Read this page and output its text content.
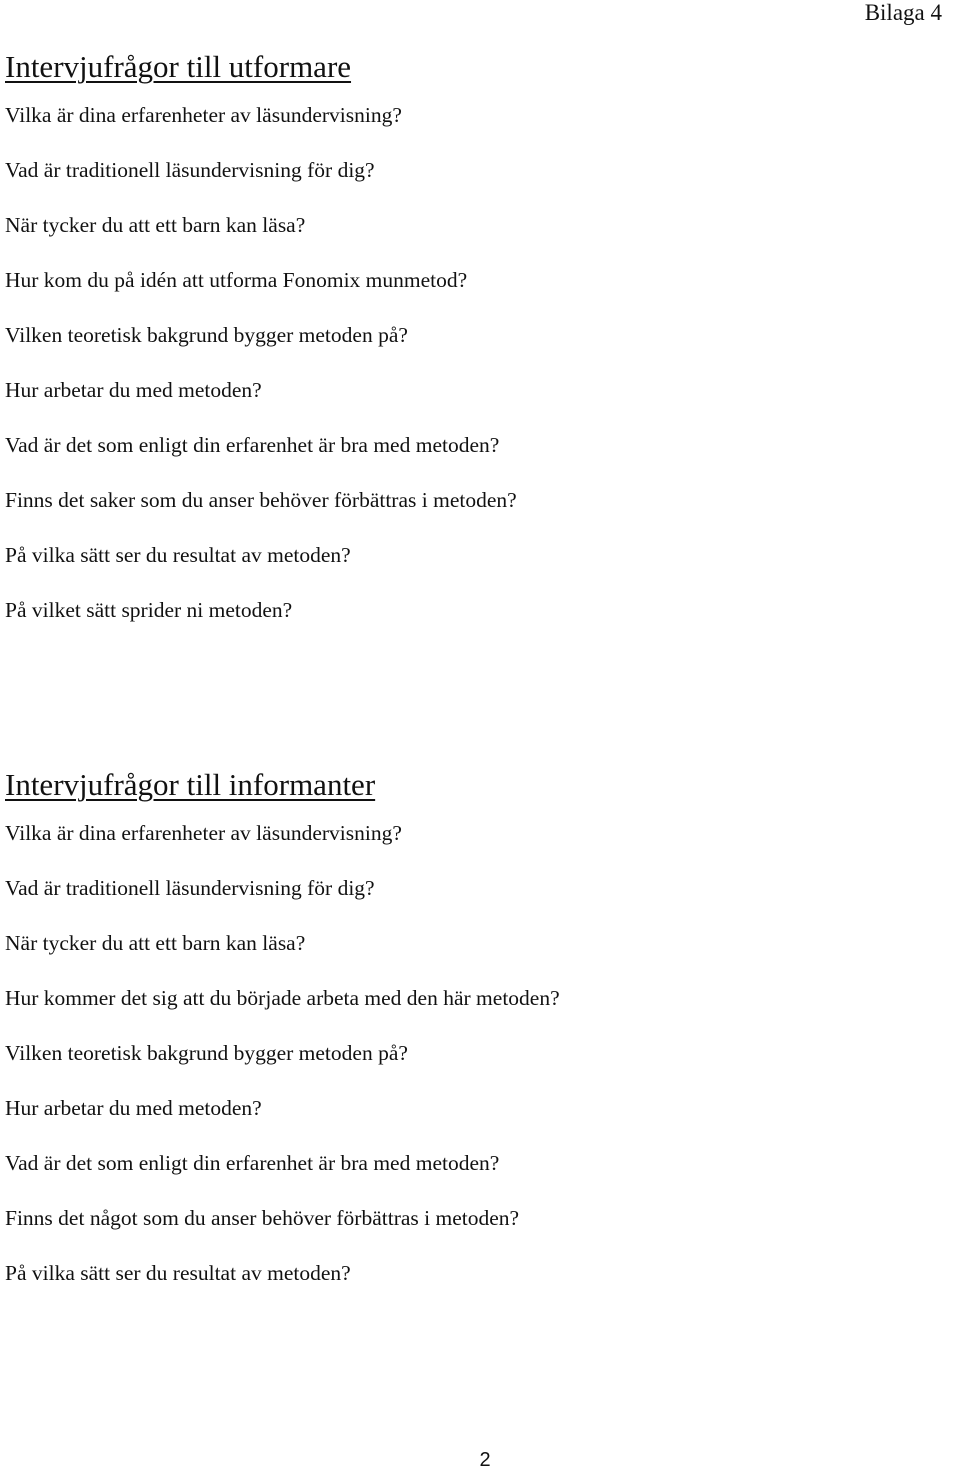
Bilaga 4
Intervjufrågor till utformare
Vilka är dina erfarenheter av läsundervisning?
Vad är traditionell läsundervisning för dig?
När tycker du att ett barn kan läsa?
Hur kom du på idén att utforma Fonomix munmetod?
Vilken teoretisk bakgrund bygger metoden på?
Hur arbetar du med metoden?
Vad är det som enligt din erfarenhet är bra med metoden?
Finns det saker som du anser behöver förbättras i metoden?
På vilka sätt ser du resultat av metoden?
På vilket sätt sprider ni metoden?
Intervjufrågor till informanter
Vilka är dina erfarenheter av läsundervisning?
Vad är traditionell läsundervisning för dig?
När tycker du att ett barn kan läsa?
Hur kommer det sig att du började arbeta med den här metoden?
Vilken teoretisk bakgrund bygger metoden på?
Hur arbetar du med metoden?
Vad är det som enligt din erfarenhet är bra med metoden?
Finns det något som du anser behöver förbättras i metoden?
På vilka sätt ser du resultat av metoden?
2
